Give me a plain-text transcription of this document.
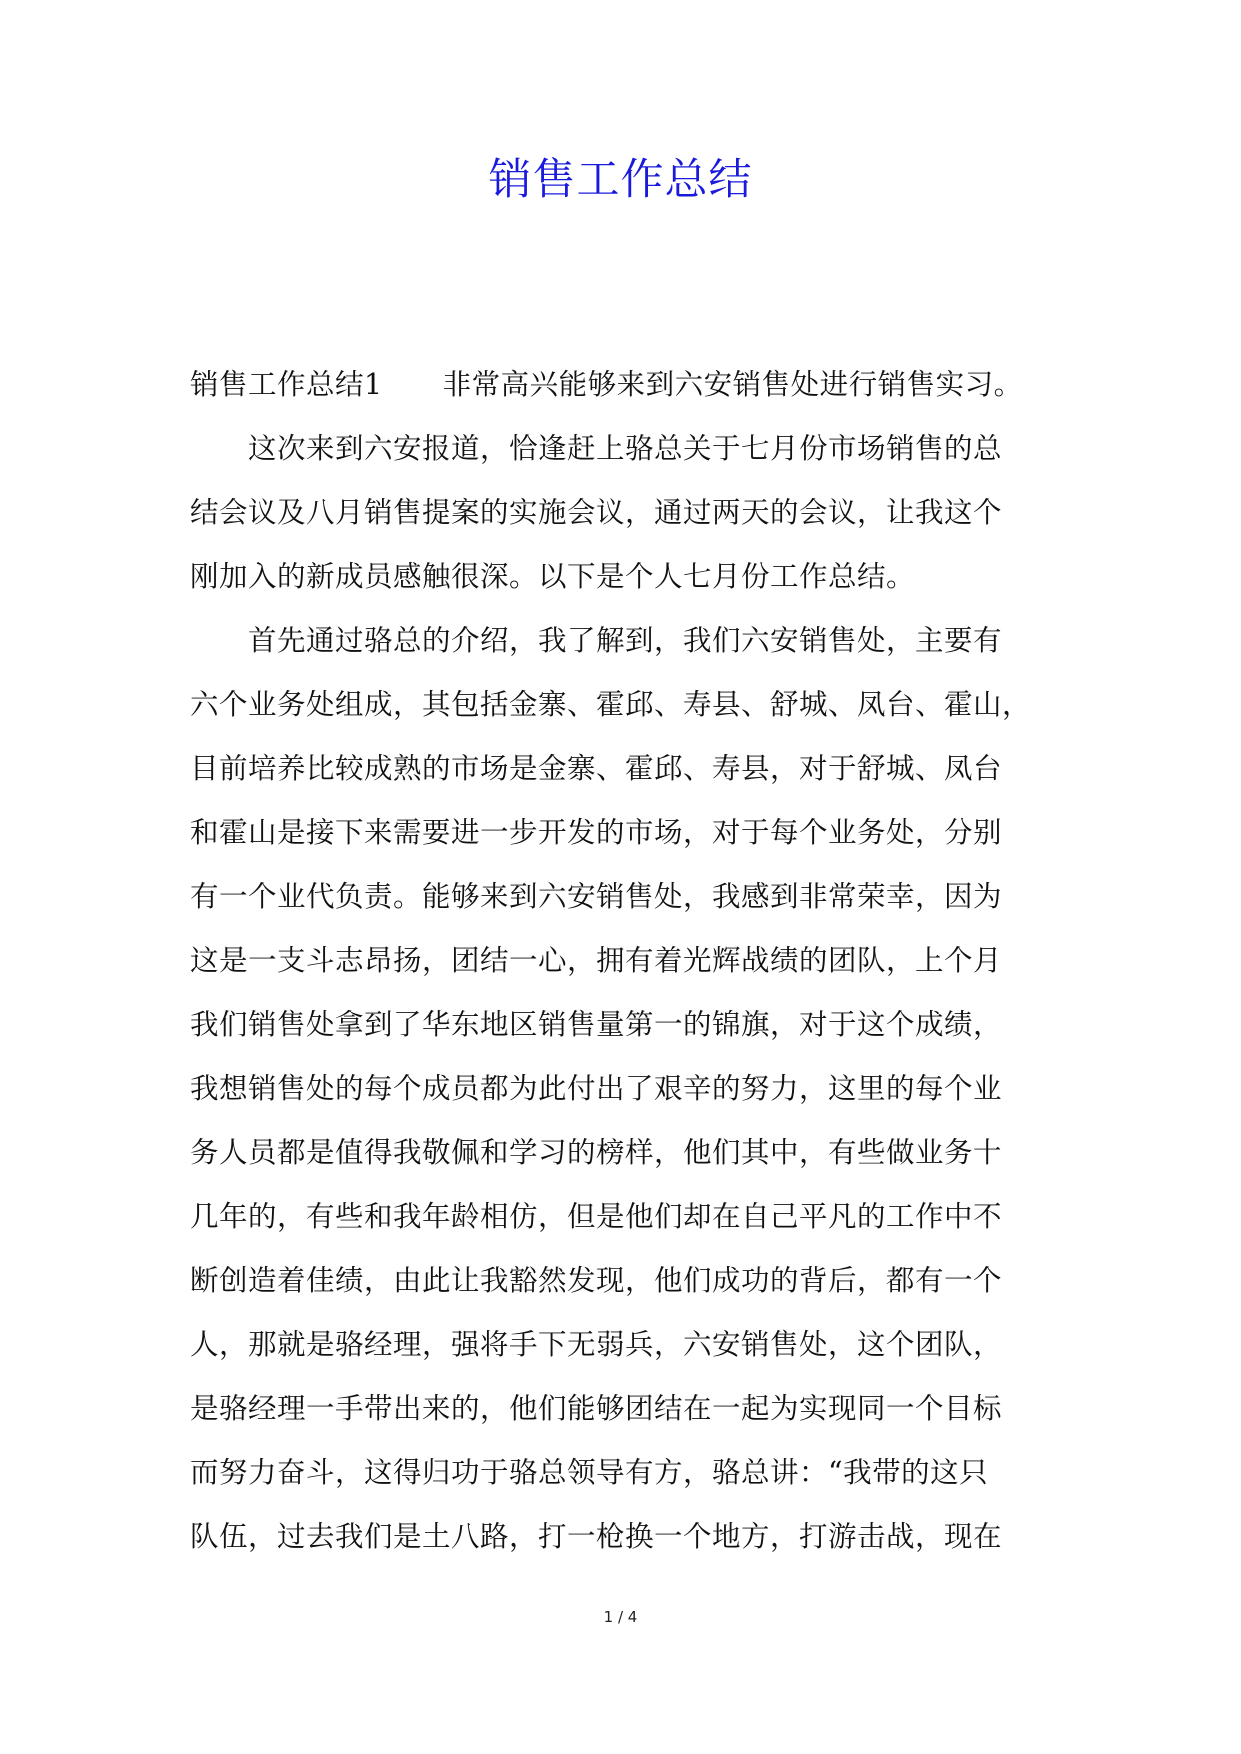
销售工作总结
销售工作总结1 非常高兴能够来到六安销售处进行销售实习。
这次来到六安报道，恰逢赶上骆总关于七月份市场销售的总
结会议及八月销售提案的实施会议，通过两天的会议，让我这个
刚加入的新成员感触很深。以下是个人七月份工作总结。
首先通过骆总的介绍，我了解到，我们六安销售处，主要有
六个业务处组成，其包括金寨、霍邱、寿县、舒城、凤台、霍山，
目前培养比较成熟的市场是金寨、霍邱、寿县，对于舒城、凤台
和霍山是接下来需要进一步开发的市场，对于每个业务处，分别
有一个业代负责。能够来到六安销售处，我感到非常荣幸，因为
这是一支斗志昂扬，团结一心，拥有着光辉战绩的团队，上个月
我们销售处拿到了华东地区销售量第一的锦旗，对于这个成绩，
我想销售处的每个成员都为此付出了艰辛的努力，这里的每个业
务人员都是值得我敬佩和学习的榜样，他们其中，有些做业务十
几年的，有些和我年龄相仿，但是他们却在自己平凡的工作中不
断创造着佳绩，由此让我豁然发现，他们成功的背后，都有一个
人，那就是骆经理，强将手下无弱兵，六安销售处，这个团队，
是骆经理一手带出来的，他们能够团结在一起为实现同一个目标
而努力奋斗，这得归功于骆总领导有方，骆总讲：“我带的这只
队伍，过去我们是土八路，打一枪换一个地方，打游击战，现在
1 / 4
